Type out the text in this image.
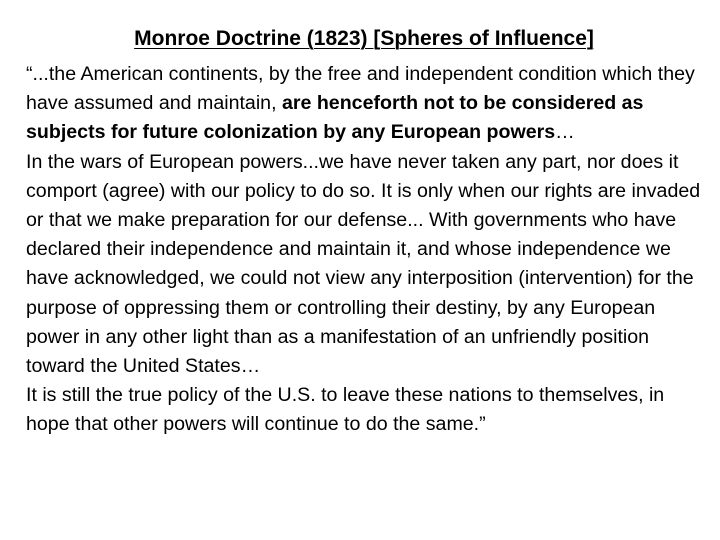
Monroe Doctrine (1823) [Spheres of Influence]

“...the American continents, by the free and independent condition which they have assumed and maintain, are henceforth not to be considered as subjects for future colonization by any European powers…

In the wars of European powers...we have never taken any part, nor does it comport (agree) with our policy to do so. It is only when our rights are invaded or that we make preparation for our defense... With governments who have declared their independence and maintain it, and whose independence we have acknowledged, we could not view any interposition (intervention) for the purpose of oppressing them or controlling their destiny, by any European power in any other light than as a manifestation of an unfriendly position toward the United States…

It is still the true policy of the U.S. to leave these nations to themselves, in hope that other powers will continue to do the same.”
